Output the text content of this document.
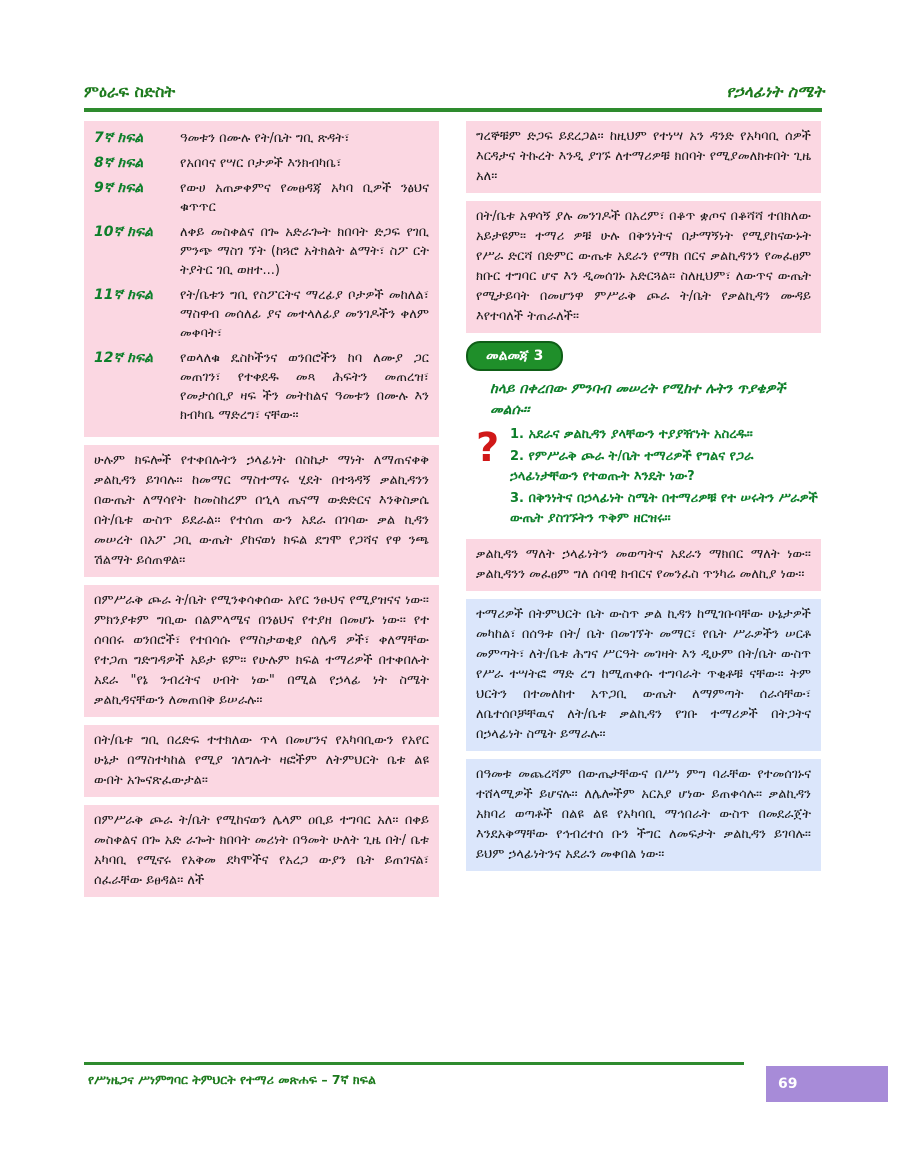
ምዕራፍ ስድስት	የኃላፊነት ስሜት
7ኛ ክፍል	ዓመቱን በሙሉ የት/ቤት ግቢ ጽዳት፣
8ኛ ክፍል	የአበባና የሣር ቦታዎች እንክብካቤ፣
9ኛ ክፍል	የውሀ አጠቃቀምና የመፀዳጃ አካባ ቢዎች ንፅህና ቁጥጥር
10ኛ ክፍል	ለቀይ መስቀልና በጐ አድራጐት ክበባት ድጋፍ የገቢ ምንጭ ማስገ ኘት (ከጓሮ አትክልት ልማት፣ ስፖ ርት ትያትር ገቢ ወዘተ...)
11ኛ ክፍል	የት/ቤቱን ግቢ የስፖርትና ማረፊያ ቦታዎች መከለል፣ ማስዋብ መሰለፊ ያና መተላለፊያ መንገዶችን ቀለም መቀባት፣
12ኛ ክፍል	የወላለቁ ዴስኮችንና ወንበሮችን ከባ ለሙያ ጋር መጠገን፣ የተቀደዱ መጻ ሕፍትን መጠረዝ፣ የመታሰቢያ ዛፍ ችን መትከልና ዓመቱን በሙሉ እን ክብካቤ ማድረግ፣ ናቸው፡፡
ሁሉም ክፍሎች የተቀበሉትን ኃላፊነት በስኬታ ማነት ለማጠናቀቅ ቃልኪዳን ይገባሉ፡፡ ከመማር ማስተማሩ ሂደት በተጓዳኝ ቃልኪዳንን በውጤት ለማሳየት ከመስከረም በኂላ ጤናማ ውድድርና እንቅስቃሴ በት/ቤቱ ውስጥ ይደራል፡፡ የተሰጠ ውን አደራ በገባው ቃል ኪዳን መሠረት በአፖ ጋቢ ውጤት ያከናወነ ክፍል ደግሞ የጋሻና የዋ ንጫ ሽልማት ይሰጠዋል፡፡
በምሥራቅ ጮራ ት/ቤት የሚንቀሳቀሰው አየር ንፁህና የሚያዝናና ነው፡፡ ምክንያቱም ግቢው በልምላሜና በንፅህና የተያዘ በመሆኑ ነው፡፡ የተ ሰባበሩ ወንበሮች፣ የተበሳሱ የማስታወቂያ ሰሌዳ ዎች፣ ቀለማቸው የተጋጠ ግድግዳዎች አይታ ዩም፡፡ የሁሉም ክፍል ተማሪዎች በተቀበሉት አደራ "የኔ ንብረትና ሀብት ነው" በሚል የኃላፊ ነት ስሜት ቃልኪዳናቸውን ለመጠበቅ ይሠራሉ፡፡
በት/ቤቱ ግቢ በረድፍ ተተክለው ጥላ በመሆንና የአካባቢውን የአየር ሁኔታ በማስተካከል የሚያ ገለግሉት ዛፎችም ለትምህርት ቤቱ ልዩ ውበት አጐናጽፈውታል፡፡
በምሥራቅ ጮራ ት/ቤት የሚከናወን ሌላም ዐቢይ ተግባር አለ፡፡ በቀይ መስቀልና በጐ አድ ራጐት ክበባት መሪነት በዓመት ሁለት ጊዜ በት/ ቤቱ አካባቢ የሚኖሩ የአቅመ ደካሞችና የአረጋ ውያን ቤት ይጠገናል፣ ሰፈራቸው ይፀዳል፡፡ ለች
ግረኞቹም ድጋፍ ይደረጋል፡፡ ከዚህም የተነሣ አን ዳንድ የአካባቢ ሰዎች እርዳታና ትኩረት እንዲ ያገኙ ለተማሪዎቹ ክበባት የሚያመለክቱበት ጊዜ አለ፡፡
በት/ቤቱ አዋሳኝ ያሉ መንገዶች በአረም፣ በቆጥ ቋጦና በቆሻሻ ተበክለው አይታዩም፡፡ ተማሪ ዎቹ ሁሉ በቅንነትና በታማኝነት የሚያከናውኑት የሥራ ድርሻ በድምር ውጤቱ አደራን የማክ በርና ቃልኪዳንን የመፈፀም ክቡር ተግባር ሆኖ እን ዲመሰገኑ አድርጓል፡፡ ስለዚህም፣ ለውጥና ውጤት የሚታይባት በመሆንዋ ምሥራቅ ጮራ ት/ቤት የቃልኪዳን ሙዳይ እየተባለች ትጠራለች፡፡
መልመጃ 3
ከላይ በቀረበው ምንባብ መሠረት የሚከተ ሉትን ጥያቄዎች መልሱ፡፡
? 1. አደራና ቃልኪዳን ያላቸውን ተያያዥነት አስረዱ፡፡
2. የምሥራቅ ጮራ ት/ቤት ተማሪዎች የግልና የጋራ ኃላፊነታቸውን የተወጡት እንዴት ነው?
3. በቅንነትና በኃላፊነት ስሜት በተማሪዎቹ የተ ሠሩትን ሥራዎች ውጤት ያስገኙትን ጥቅም ዘርዝሩ፡፡
ቃልኪዳን ማለት ኃላፊነትን መወጣትና አደራን ማክበር ማለት ነው፡፡ ቃልኪዳንን መፈፀም ግለ ሰባዊ ክብርና የመንፈስ ጥንካሬ መለኪያ ነው፡፡
ተማሪዎች በትምህርት ቤት ውስጥ ቃል ኪዳን ከሚገቡባቸው ሁኔታዎች መካከል፣ በሰዓቱ በት/ ቤት በመገኘት መማር፣ የቤት ሥራዎችን ሠርቶ መምጣት፣ ለት/ቤቱ ሕግና ሥርዓት መገዛት እን ዲሁም በት/ቤት ውስጥ የሥራ ተሣትፎ ማድ ረግ ከሚጠቀሱ ተግባራት ጥቂቶቹ ናቸው፡፡ ትም ህርትን በተመለከተ አጥጋቢ ውጤት ለማምጣት ሰራሳቸው፣ ለቤተሰቦቻቸዉና ለት/ቤቱ ቃልኪዳን የገቡ ተማሪዎች በትጋትና በኃላፊነት ስሜት ይማራሉ፡፡
በዓመቱ መጨረሻም በውጤታቸውና በሥነ ምግ ባራቸው የተመሰገኑና ተሸላሚዎች ይሆናሉ፡፡ ለሌሎችም አርአያ ሆነው ይጠቀሳሉ፡፡ ቃልኪዳን አክባሪ ወጣቶች በልዩ ልዩ የአካባቢ ማኅበራት ውስጥ በመደራጀት እንደአቅማቸው የኅብረተሰ ቡን ችግር ለመፍታት ቃልኪዳን ይገባሉ፡፡ ይህም ኃላፊነትንና አደራን መቀበል ነው፡፡
የሥነዜጋና ሥነምግባር ትምህርት የተማሪ መጽሐፍ – 7ኛ ክፍል	69
